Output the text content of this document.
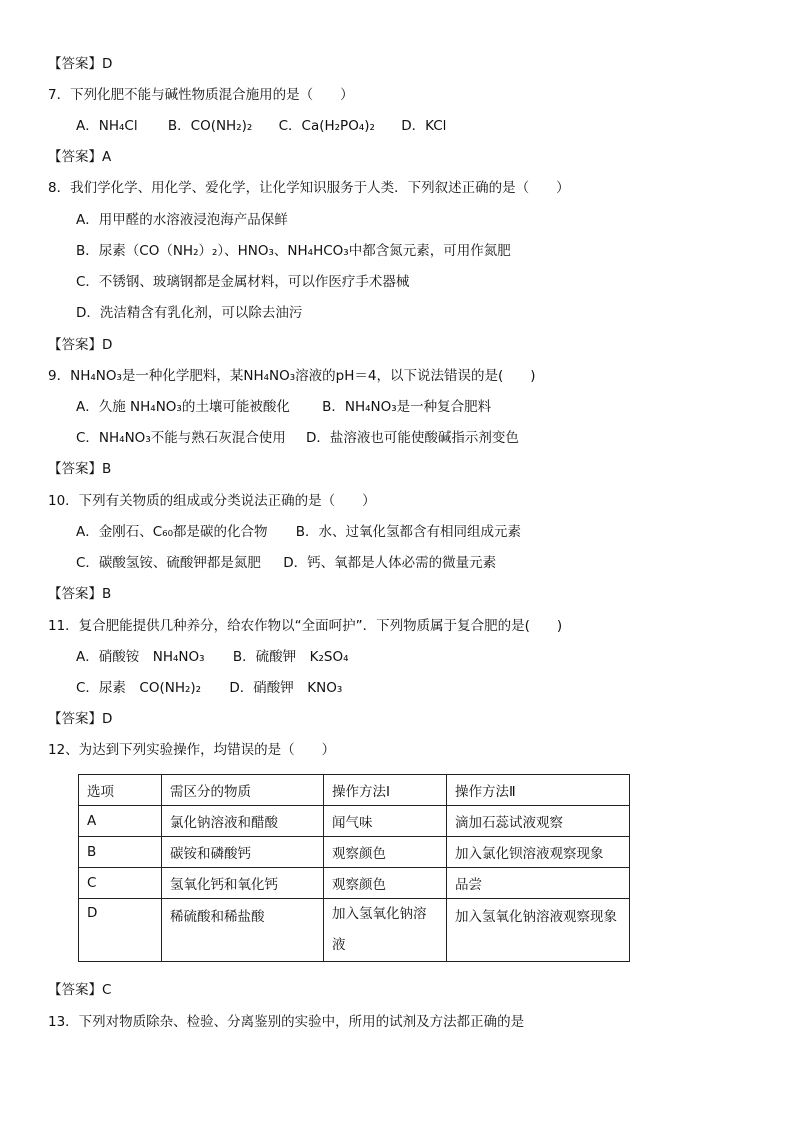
【答案】D
7．下列化肥不能与碱性物质混合施用的是（　　）
A．NH₄Cl B．CO(NH₂)₂ C．Ca(H₂PO₄)₂ D．KCl
【答案】A
8．我们学化学、用化学、爱化学，让化学知识服务于人类．下列叙述正确的是（　　）
A．用甲醛的水溶液浸泡海产品保鲜
B．尿素（CO（NH₂）₂）、HNO₃、NH₄HCO₃中都含氮元素，可用作氮肥
C．不锈钢、玻璃钢都是金属材料，可以作医疗手术器械
D．洗洁精含有乳化剂，可以除去油污
【答案】D
9．NH₄NO₃是一种化学肥料，某NH₄NO₃溶液的pH＝4，以下说法错误的是(　　)
A．久施 NH₄NO₃的土壤可能被酸化 B．NH₄NO₃是一种复合肥料
C．NH₄NO₃不能与熟石灰混合使用 D．盐溶液也可能使酸碱指示剂变色
【答案】B
10．下列有关物质的组成或分类说法正确的是（　　）
A．金刚石、C₆₀都是碳的化合物 B．水、过氧化氢都含有相同组成元素
C．碳酸氢铵、硫酸钾都是氮肥 D．钙、氧都是人体必需的微量元素
【答案】B
11．复合肥能提供几种养分，给农作物以“全面呵护”．下列物质属于复合肥的是(　　)
A．硝酸铵　NH₄NO₃ B．硫酸钾　K₂SO₄
C．尿素　CO(NH₂)₂ D．硝酸钾　KNO₃
【答案】D
12、为达到下列实验操作，均错误的是（　　）
选项	需区分的物质	操作方法Ⅰ	操作方法Ⅱ
A	氯化钠溶液和醋酸	闻气味	滴加石蕊试液观察
B	碳铵和磷酸钙	观察颜色	加入氯化钡溶液观察现象
C	氢氧化钙和氧化钙	观察颜色	品尝
D	稀硫酸和稀盐酸	加入氢氧化钠溶液	加入氢氧化钠溶液观察现象
【答案】C
13．下列对物质除杂、检验、分离鉴别的实验中，所用的试剂及方法都正确的是
